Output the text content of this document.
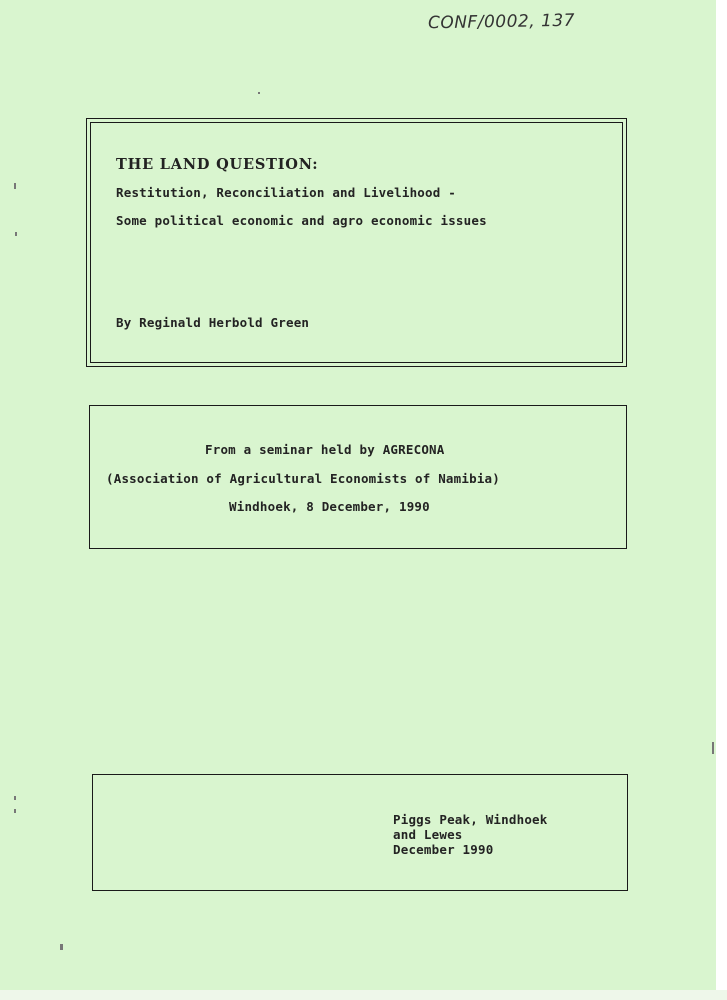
CONF/0002, 137
THE LAND QUESTION:
Restitution, Reconciliation and Livelihood -
Some political economic and agro economic issues
By Reginald Herbold Green
From a seminar held by AGRECONA
(Association of Agricultural Economists of Namibia)
Windhoek, 8 December, 1990
Piggs Peak, Windhoek
and Lewes
December 1990
